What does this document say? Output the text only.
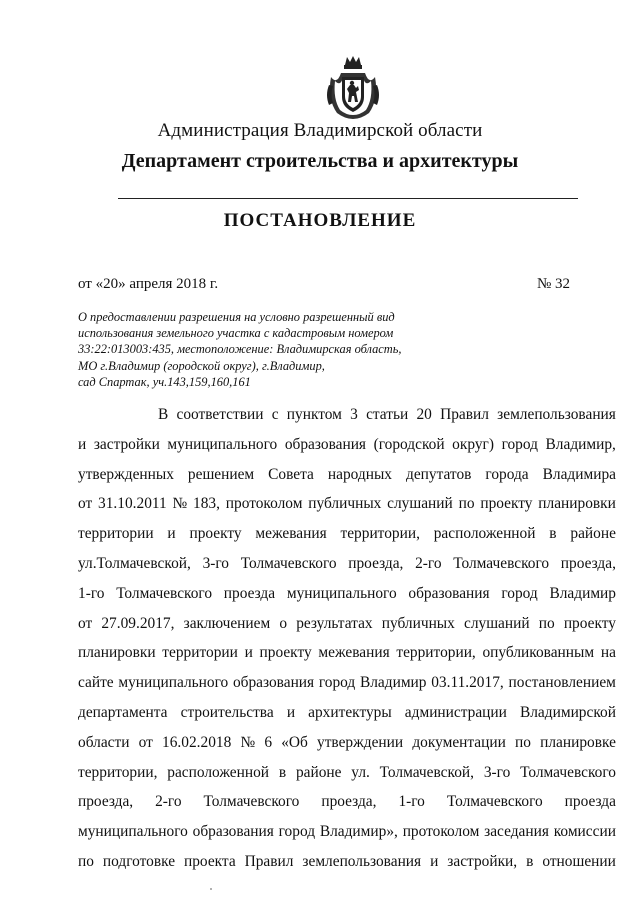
Администрация Владимирской области
Департамент строительства и архитектуры
ПОСТАНОВЛЕНИЕ
от «20» апреля 2018 г.	№ 32
О предоставлении разрешения на условно разрешенный вид
использования земельного участка с кадастровым номером
33:22:013003:435, местоположение: Владимирская область,
МО г.Владимир (городской округ), г.Владимир,
сад Спартак, уч.143,159,160,161
В соответствии с пунктом 3 статьи 20 Правил землепользования
и застройки муниципального образования (городской округ) город Владимир,
утвержденных решением Совета народных депутатов города Владимира
от 31.10.2011 № 183, протоколом публичных слушаний по проекту планировки
территории и проекту межевания территории, расположенной в районе
ул.Толмачевской, 3-го Толмачевского проезда, 2-го Толмачевского проезда,
1-го Толмачевского проезда муниципального образования город Владимир
от 27.09.2017, заключением о результатах публичных слушаний по проекту
планировки территории и проекту межевания территории, опубликованным на
сайте муниципального образования город Владимир 03.11.2017, постановлением
департамента строительства и архитектуры администрации Владимирской
области от 16.02.2018 № 6 «Об утверждении документации по планировке
территории, расположенной в районе ул. Толмачевской, 3-го Толмачевского
проезда, 2-го Толмачевского проезда, 1-го Толмачевского проезда
муниципального образования город Владимир», протоколом заседания комиссии
по подготовке проекта Правил землепользования и застройки, в отношении
